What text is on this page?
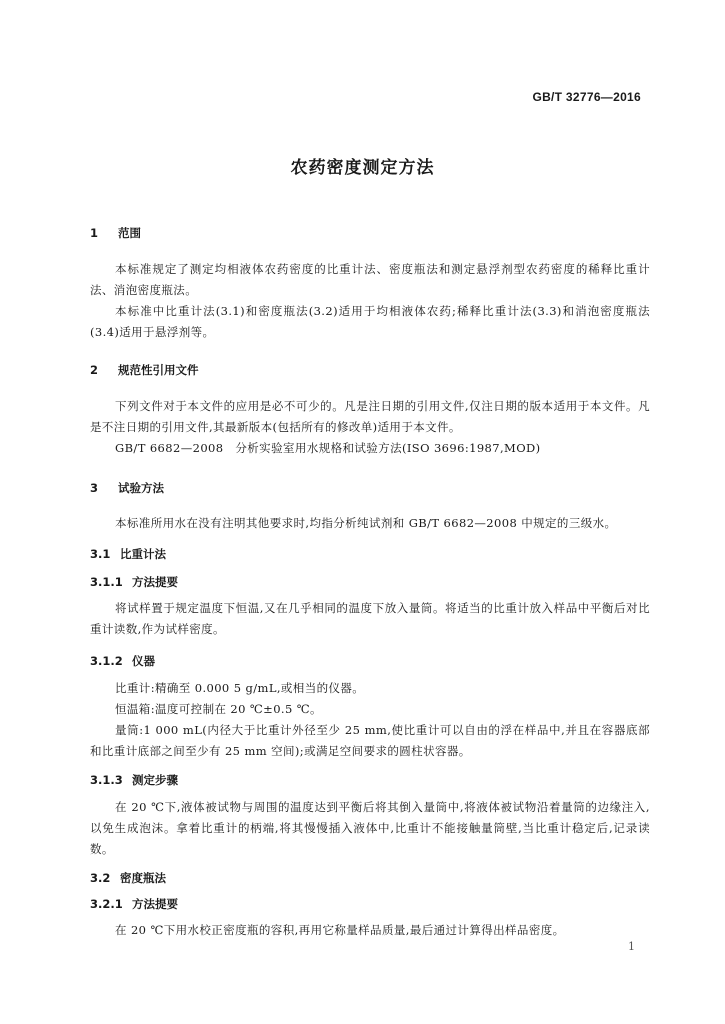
GB/T 32776—2016
农药密度测定方法
1 范围
本标准规定了测定均相液体农药密度的比重计法、密度瓶法和测定悬浮剂型农药密度的稀释比重计法、消泡密度瓶法。
本标准中比重计法(3.1)和密度瓶法(3.2)适用于均相液体农药;稀释比重计法(3.3)和消泡密度瓶法(3.4)适用于悬浮剂等。
2 规范性引用文件
下列文件对于本文件的应用是必不可少的。凡是注日期的引用文件,仅注日期的版本适用于本文件。凡是不注日期的引用文件,其最新版本(包括所有的修改单)适用于本文件。
GB/T 6682—2008　分析实验室用水规格和试验方法(ISO 3696:1987,MOD)
3 试验方法
本标准所用水在没有注明其他要求时,均指分析纯试剂和 GB/T 6682—2008 中规定的三级水。
3.1 比重计法
3.1.1 方法提要
将试样置于规定温度下恒温,又在几乎相同的温度下放入量筒。将适当的比重计放入样品中平衡后对比重计读数,作为试样密度。
3.1.2 仪器
比重计:精确至 0.000 5 g/mL,或相当的仪器。
恒温箱:温度可控制在 20 ℃±0.5 ℃。
量筒:1 000 mL(内径大于比重计外径至少 25 mm,使比重计可以自由的浮在样品中,并且在容器底部和比重计底部之间至少有 25 mm 空间);或满足空间要求的圆柱状容器。
3.1.3 测定步骤
在 20 ℃下,液体被试物与周围的温度达到平衡后将其倒入量筒中,将液体被试物沿着量筒的边缘注入,以免生成泡沫。拿着比重计的柄端,将其慢慢插入液体中,比重计不能接触量筒壁,当比重计稳定后,记录读数。
3.2 密度瓶法
3.2.1 方法提要
在 20 ℃下用水校正密度瓶的容积,再用它称量样品质量,最后通过计算得出样品密度。
1
